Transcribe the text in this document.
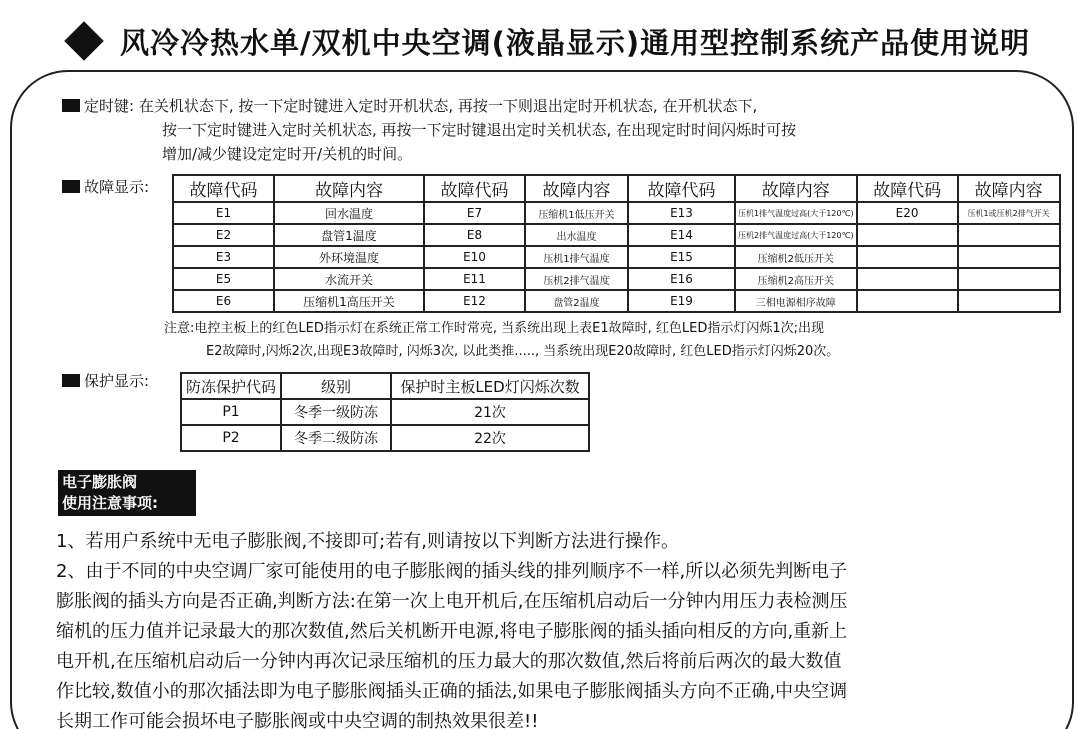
风冷冷热水单/双机中央空调(液晶显示)通用型控制系统产品使用说明
定时键: 在关机状态下, 按一下定时键进入定时开机状态, 再按一下则退出定时开机状态, 在开机状态下,
按一下定时键进入定时关机状态, 再按一下定时键退出定时关机状态, 在出现定时时间闪烁时可按
增加/减少键设定定时开/关机的时间。
故障显示: 故障代码	故障内容	故障代码	故障内容	故障代码	故障内容	故障代码	故障内容
E1	回水温度	E7	压缩机1低压开关	E13	压机1排气温度过高(大于120℃)	E20	压机1或压机2排气开关
E2	盘管1温度	E8	出水温度	E14	压机2排气温度过高(大于120℃)		
E3	外环境温度	E10	压机1排气温度	E15	压缩机2低压开关		
E5	水流开关	E11	压机2排气温度	E16	压缩机2高压开关		
E6	压缩机1高压开关	E12	盘管2温度	E19	三相电源相序故障		
注意:电控主板上的红色LED指示灯在系统正常工作时常亮, 当系统出现上表E1故障时, 红色LED指示灯闪烁1次;出现
E2故障时,闪烁2次,出现E3故障时, 闪烁3次, 以此类推....., 当系统出现E20故障时, 红色LED指示灯闪烁20次。
保护显示: 防冻保护代码	级别	保护时主板LED灯闪烁次数
P1	冬季一级防冻	21次
P2	冬季二级防冻	22次
电子膨胀阀
使用注意事项:
1、若用户系统中无电子膨胀阀,不接即可;若有,则请按以下判断方法进行操作。
2、由于不同的中央空调厂家可能使用的电子膨胀阀的插头线的排列顺序不一样,所以必须先判断电子
膨胀阀的插头方向是否正确,判断方法:在第一次上电开机后,在压缩机启动后一分钟内用压力表检测压
缩机的压力值并记录最大的那次数值,然后关机断开电源,将电子膨胀阀的插头插向相反的方向,重新上
电开机,在压缩机启动后一分钟内再次记录压缩机的压力最大的那次数值,然后将前后两次的最大数值
作比较,数值小的那次插法即为电子膨胀阀插头正确的插法,如果电子膨胀阀插头方向不正确,中央空调
长期工作可能会损坏电子膨胀阀或中央空调的制热效果很差!!
